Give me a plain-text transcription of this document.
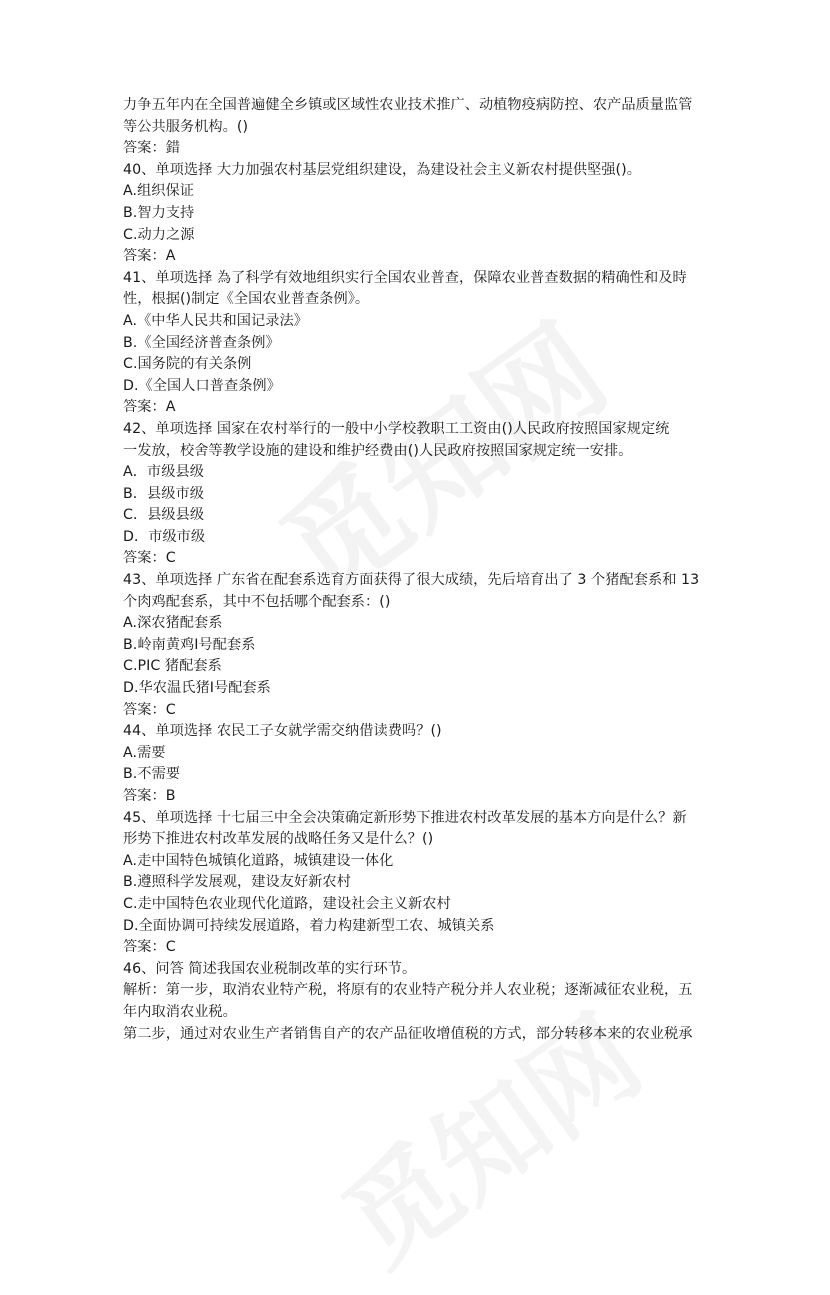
力争五年内在全国普遍健全乡镇或区域性农业技术推广、动植物疫病防控、农产品质量监管
等公共服务机构。()
答案：錯
40、单项选择 大力加强农村基层党组织建设，為建设社会主义新农村提供堅强()。
A.组织保证
B.智力支持
C.动力之源
答案：A
41、单项选择 為了科学有效地组织实行全国农业普查，保障农业普查数据的精确性和及時
性，根据()制定《全国农业普查条例》。
A.《中华人民共和国记录法》
B.《全国经济普查条例》
C.国务院的有关条例
D.《全国人口普查条例》
答案：A
42、单项选择 国家在农村举行的一般中小学校教职工工资由()人民政府按照国家规定统
一发放，校舍等教学设施的建设和维护经费由()人民政府按照国家规定统一安排。
A．市级县级
B．县级市级
C．县级县级
D．市级市级
答案：C
43、单项选择 广东省在配套系选育方面获得了很大成绩，先后培育出了 3 个猪配套系和 13
个肉鸡配套系，其中不包括哪个配套系：()
A.深农猪配套系
B.岭南黄鸡Ⅰ号配套系
C.PIC 猪配套系
D.华农温氏猪Ⅰ号配套系
答案：C
44、单项选择 农民工子女就学需交纳借读费吗？()
A.需要
B.不需要
答案：B
45、单项选择 十七届三中全会决策确定新形势下推进农村改革发展的基本方向是什么？新
形势下推进农村改革发展的战略任务又是什么？()
A.走中国特色城镇化道路，城镇建设一体化
B.遵照科学发展观，建设友好新农村
C.走中国特色农业现代化道路，建设社会主义新农村
D.全面协调可持续发展道路，着力构建新型工农、城镇关系
答案：C
46、问答 简述我国农业税制改革的实行环节。
解析：第一步，取消农业特产税，将原有的农业特产税分并人农业税；逐渐减征农业税，五
年内取消农业税。
第二步，通过对农业生产者销售自产的农产品征收增值税的方式，部分转移本来的农业税承
